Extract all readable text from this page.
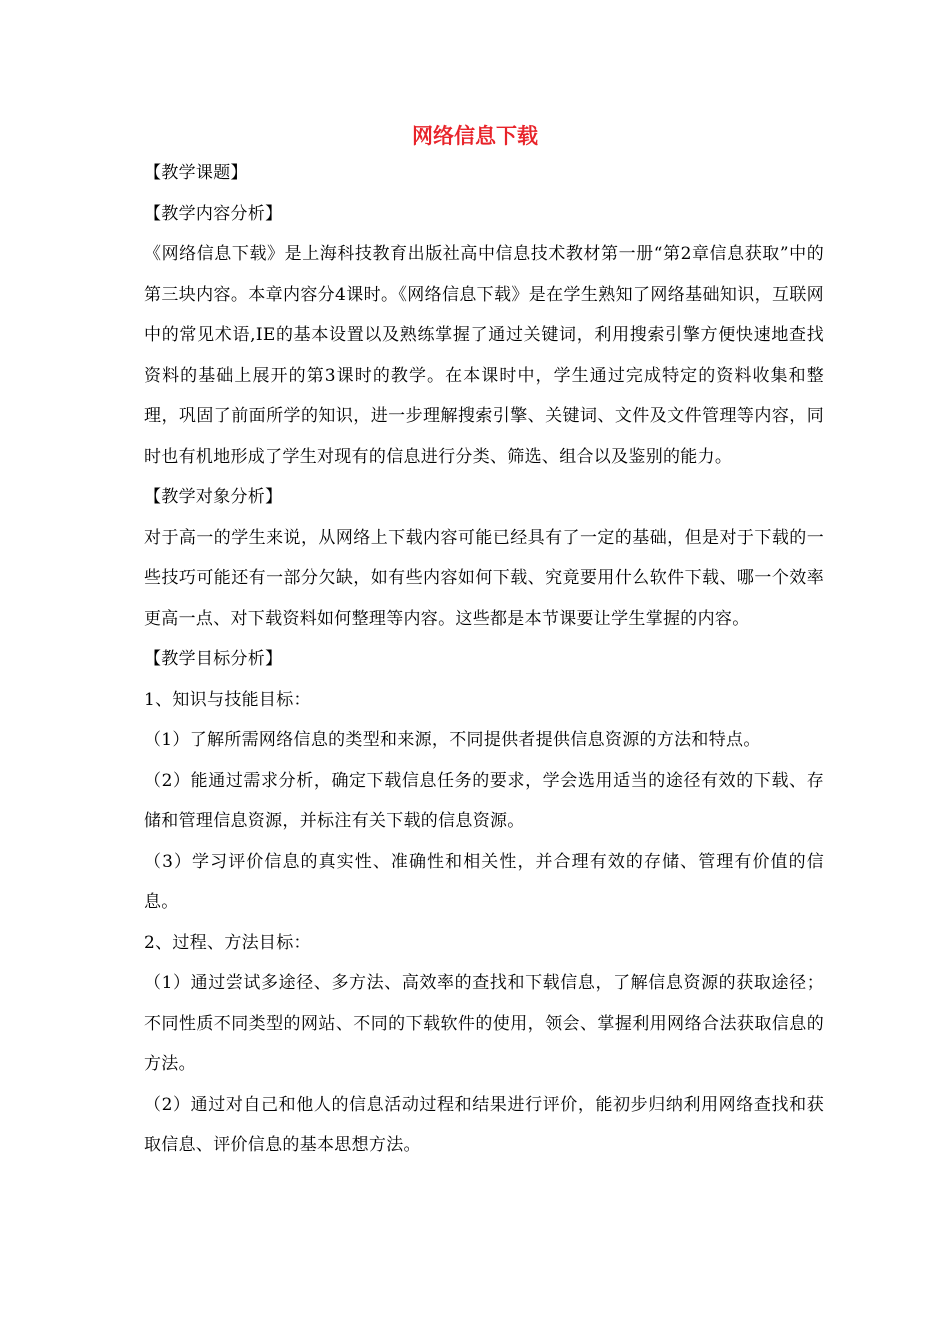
网络信息下载

【教学课题】

【教学内容分析】

《网络信息下载》是上海科技教育出版社高中信息技术教材第一册“第2章信息获取”中的第三块内容。本章内容分4课时。《网络信息下载》是在学生熟知了网络基础知识，互联网中的常见术语,IE的基本设置以及熟练掌握了通过关键词，利用搜索引擎方便快速地查找资料的基础上展开的第3课时的教学。在本课时中，学生通过完成特定的资料收集和整理，巩固了前面所学的知识，进一步理解搜索引擎、关键词、文件及文件管理等内容，同时也有机地形成了学生对现有的信息进行分类、筛选、组合以及鉴别的能力。

【教学对象分析】

对于高一的学生来说，从网络上下载内容可能已经具有了一定的基础，但是对于下载的一些技巧可能还有一部分欠缺，如有些内容如何下载、究竟要用什么软件下载、哪一个效率更高一点、对下载资料如何整理等内容。这些都是本节课要让学生掌握的内容。

【教学目标分析】

1、知识与技能目标：

（1）了解所需网络信息的类型和来源，不同提供者提供信息资源的方法和特点。

（2）能通过需求分析，确定下载信息任务的要求，学会选用适当的途径有效的下载、存储和管理信息资源，并标注有关下载的信息资源。

（3）学习评价信息的真实性、准确性和相关性，并合理有效的存储、管理有价值的信息。

2、过程、方法目标：

（1）通过尝试多途径、多方法、高效率的查找和下载信息，了解信息资源的获取途径；不同性质不同类型的网站、不同的下载软件的使用，领会、掌握利用网络合法获取信息的方法。

（2）通过对自己和他人的信息活动过程和结果进行评价，能初步归纳利用网络查找和获取信息、评价信息的基本思想方法。
